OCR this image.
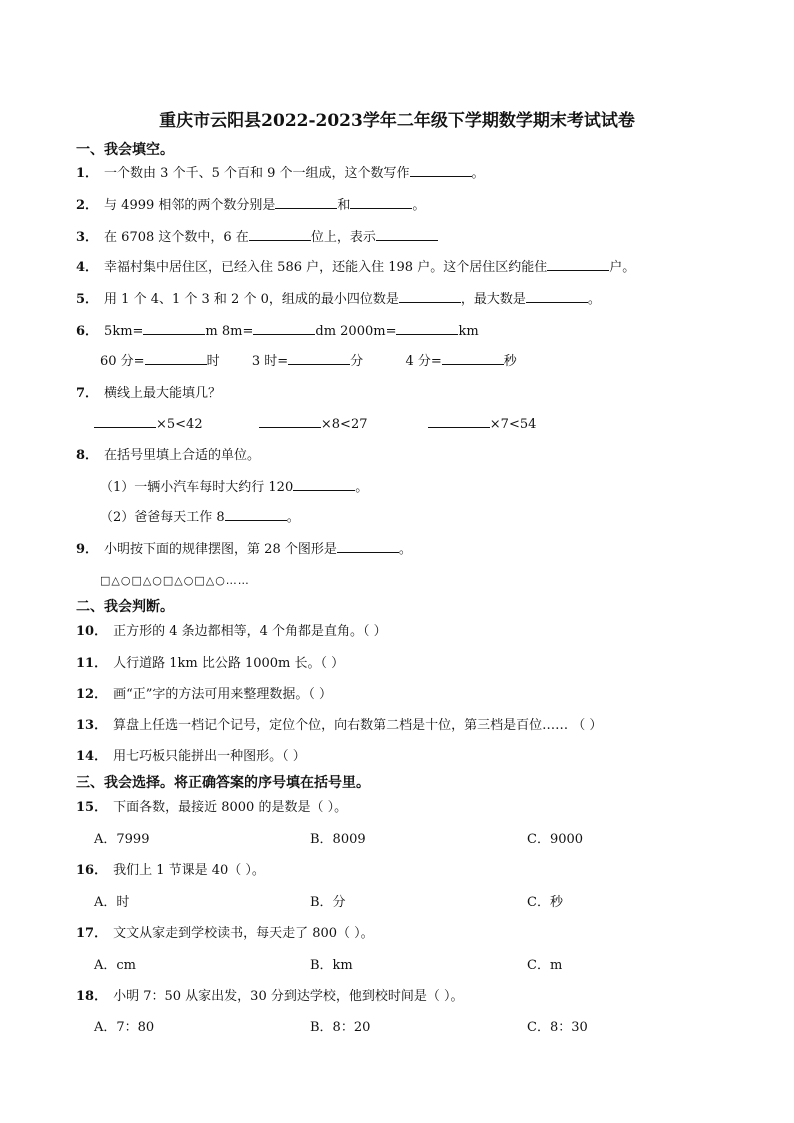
重庆市云阳县2022-2023学年二年级下学期数学期末考试试卷
一、我会填空。
1． 一个数由 3 个千、5 个百和 9 个一组成，这个数写作	。
2． 与 4999 相邻的两个数分别是	和	。
3． 在 6708 这个数中，6 在	位上，表示
4． 幸福村集中居住区，已经入住 586 户，还能入住 198 户。这个居住区约能住	户。
5． 用 1 个 4、1 个 3 和 2 个 0，组成的最小四位数是	，最大数是	。
6． 5km=	m 8m=	dm 2000m=	km
60 分=	时 3 时=	分	4 分=	秒
7． 横线上最大能填几？
×5<42	×8<27	×7<54
8． 在括号里填上合适的单位。
（1）一辆小汽车每时大约行 120	。
（2）爸爸每天工作 8	。
9． 小明按下面的规律摆图，第 28 个图形是	。
□△○□△○□△○□△○……
二、我会判断。
10． 正方形的 4 条边都相等，4 个角都是直角。（ ）
11． 人行道路 1km 比公路 1000m 长。（ ）
12． 画“正”字的方法可用来整理数据。（ ）
13． 算盘上任选一档记个记号，定位个位，向右数第二档是十位，第三档是百位…… （ ）
14． 用七巧板只能拼出一种图形。（ ）
三、我会选择。将正确答案的序号填在括号里。
15． 下面各数，最接近 8000 的是数是（ ）。
A．7999	B．8009	C．9000
16． 我们上 1 节课是 40（ ）。
A．时	B．分	C．秒
17． 文文从家走到学校读书，每天走了 800（ ）。
A．cm	B．km	C．m
18． 小明 7：50 从家出发，30 分到达学校，他到校时间是（ ）。
A．7：80	B．8：20	C．8：30
